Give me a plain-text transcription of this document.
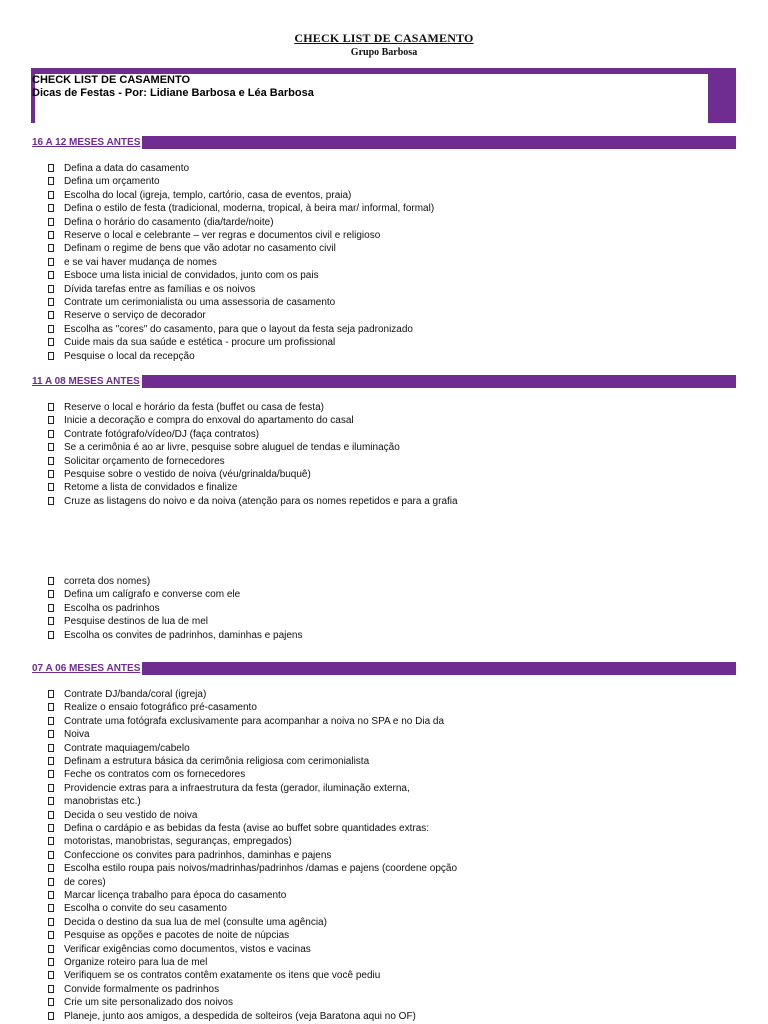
CHECK LIST DE CASAMENTO
Grupo Barbosa
CHECK LIST DE CASAMENTO
Dicas de Festas - Por: Lidiane Barbosa e Léa Barbosa
16 A 12 MESES ANTES
Defina a data do casamento
Defina um orçamento
Escolha do local (igreja, templo, cartório, casa de eventos, praia)
Defina o estilo de festa (tradicional, moderna, tropical, à beira mar/ informal, formal)
Defina o horário do casamento (dia/tarde/noite)
Reserve o local e celebrante – ver regras e documentos civil e religioso
Definam o regime de bens que vão adotar no casamento civil
e se vai haver mudança de nomes
Esboce uma lista inicial de convidados, junto com os pais
Dívida tarefas entre as famílias e os noivos
Contrate um cerimonialista ou uma assessoria de casamento
Reserve o serviço de decorador
Escolha as "cores" do casamento, para que o layout da festa seja padronizado
Cuide mais da sua saúde e estética - procure um profissional
Pesquise o local da recepção
11 A 08 MESES ANTES
Reserve o local e horário da festa (buffet ou casa de festa)
Inicie a decoração e compra do enxoval do apartamento do casal
Contrate fotógrafo/vídeo/DJ (faça contratos)
Se a cerimônia é ao ar livre, pesquise sobre aluguel de tendas e iluminação
Solicitar orçamento de fornecedores
Pesquise sobre o vestido de noiva (véu/grinalda/buquê)
Retome a lista de convidados e finalize
Cruze as listagens do noivo e da noiva (atenção para os nomes repetidos e para a grafia
correta dos nomes)
Defina um calígrafo e converse com ele
Escolha os padrinhos
Pesquise destinos de lua de mel
Escolha os convites de padrinhos, daminhas e pajens
07 A 06 MESES ANTES
Contrate DJ/banda/coral (igreja)
Realize o ensaio fotográfico pré-casamento
Contrate uma fotógrafa exclusivamente para acompanhar a noiva no SPA e no Dia da
Noiva
Contrate maquiagem/cabelo
Definam a estrutura básica da cerimônia religiosa com cerimonialista
Feche os contratos com os fornecedores
Providencie extras para a infraestrutura da festa (gerador, iluminação externa,
manobristas etc.)
Decida o seu vestido de noiva
Defina o cardápio e as bebidas da festa (avise ao buffet sobre quantidades extras:
motoristas, manobristas, seguranças, empregados)
Confeccione os convites para padrinhos, daminhas e pajens
Escolha estilo roupa pais noivos/madrinhas/padrinhos /damas e pajens (coordene opção
de cores)
Marcar licença trabalho para época do casamento
Escolha o convite do seu casamento
Decida o destino da sua lua de mel (consulte uma agência)
Pesquise as opções e pacotes de noite de núpcias
Verificar exigências como documentos, vistos e vacinas
Organize roteiro para lua de mel
Verifiquem se os contratos contêm exatamente os itens que você pediu
Convide formalmente os padrinhos
Crie um site personalizado dos noivos
Planeje, junto aos amigos, a despedida de solteiros (veja Baratona aqui no OF)
